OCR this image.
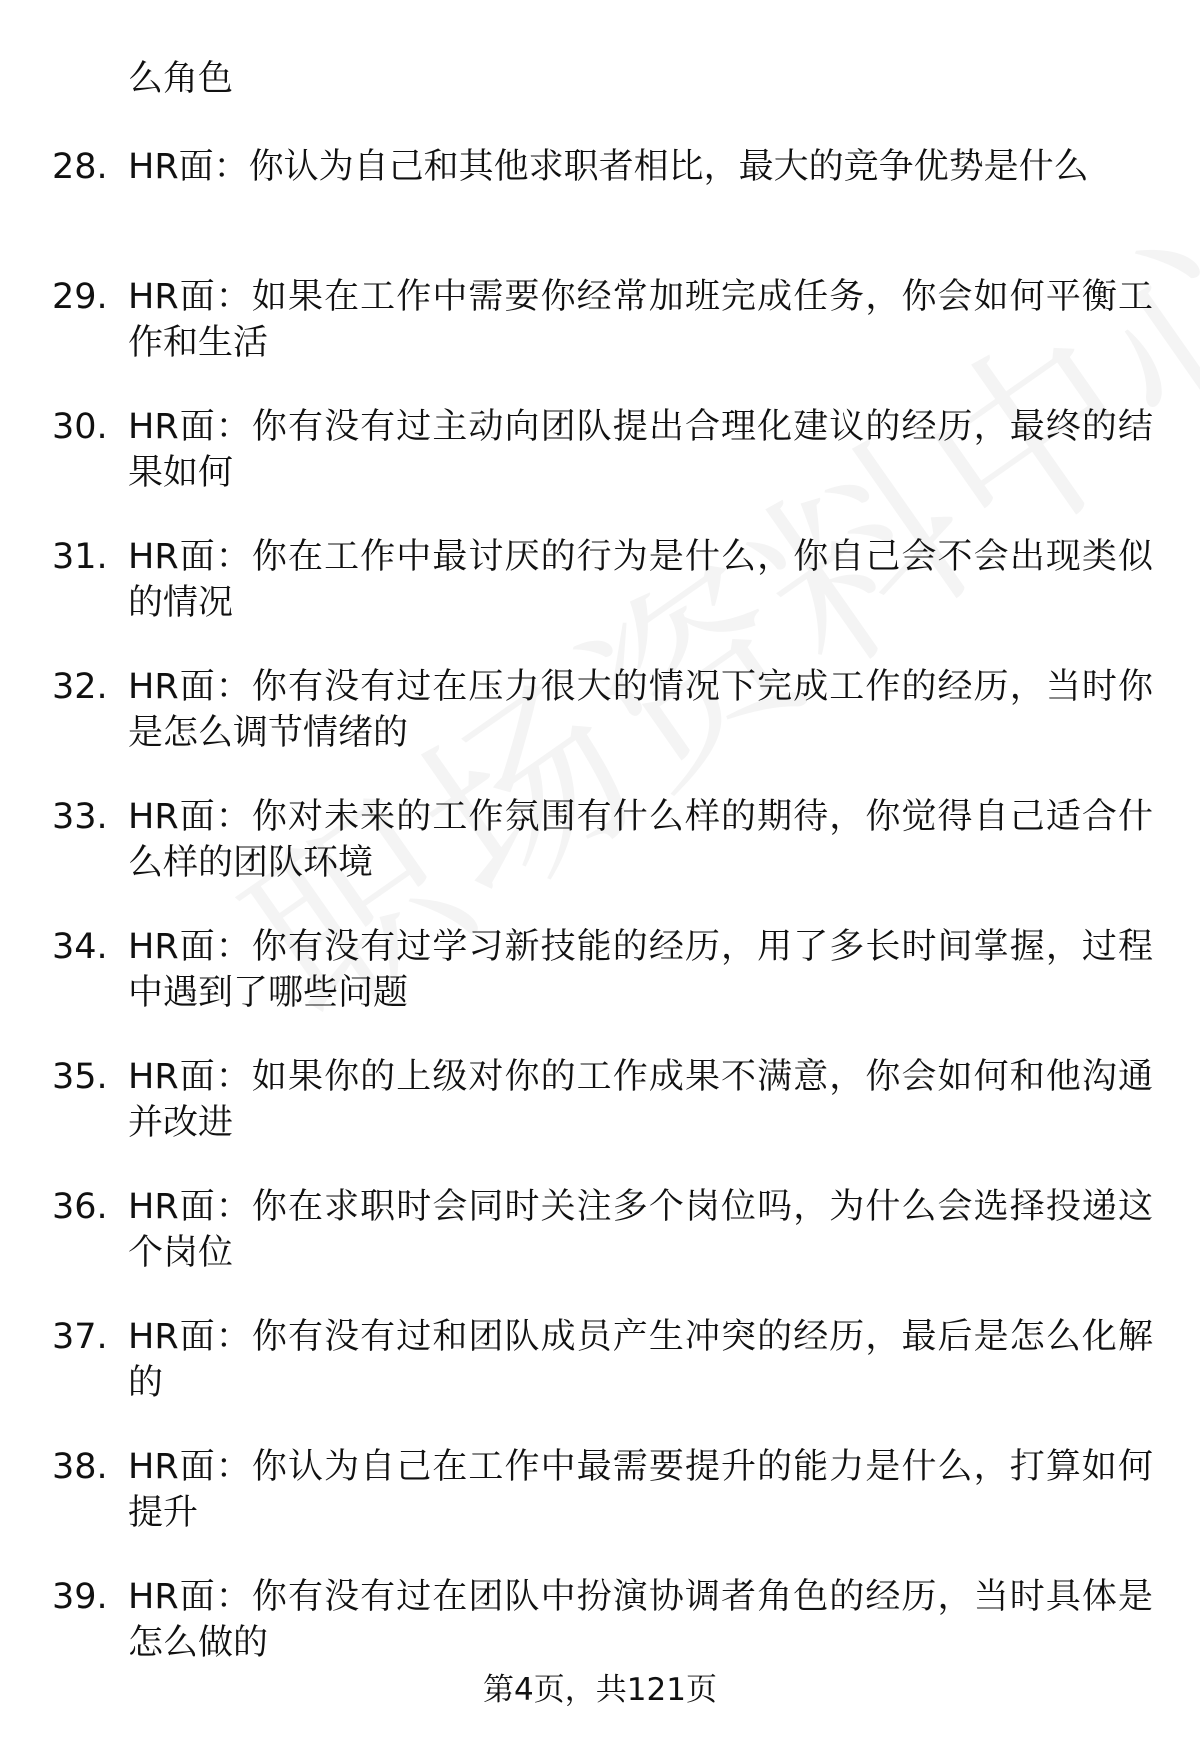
么角色
28. HR面：你认为自己和其他求职者相比，最大的竞争优势是什么
29. HR面：如果在工作中需要你经常加班完成任务，你会如何平衡工作和生活
30. HR面：你有没有过主动向团队提出合理化建议的经历，最终的结果如何
31. HR面：你在工作中最讨厌的行为是什么，你自己会不会出现类似的情况
32. HR面：你有没有过在压力很大的情况下完成工作的经历，当时你是怎么调节情绪的
33. HR面：你对未来的工作氛围有什么样的期待，你觉得自己适合什么样的团队环境
34. HR面：你有没有过学习新技能的经历，用了多长时间掌握，过程中遇到了哪些问题
35. HR面：如果你的上级对你的工作成果不满意，你会如何和他沟通并改进
36. HR面：你在求职时会同时关注多个岗位吗，为什么会选择投递这个岗位
37. HR面：你有没有过和团队成员产生冲突的经历，最后是怎么化解的
38. HR面：你认为自己在工作中最需要提升的能力是什么，打算如何提升
39. HR面：你有没有过在团队中扮演协调者角色的经历，当时具体是怎么做的
第4页，共121页
